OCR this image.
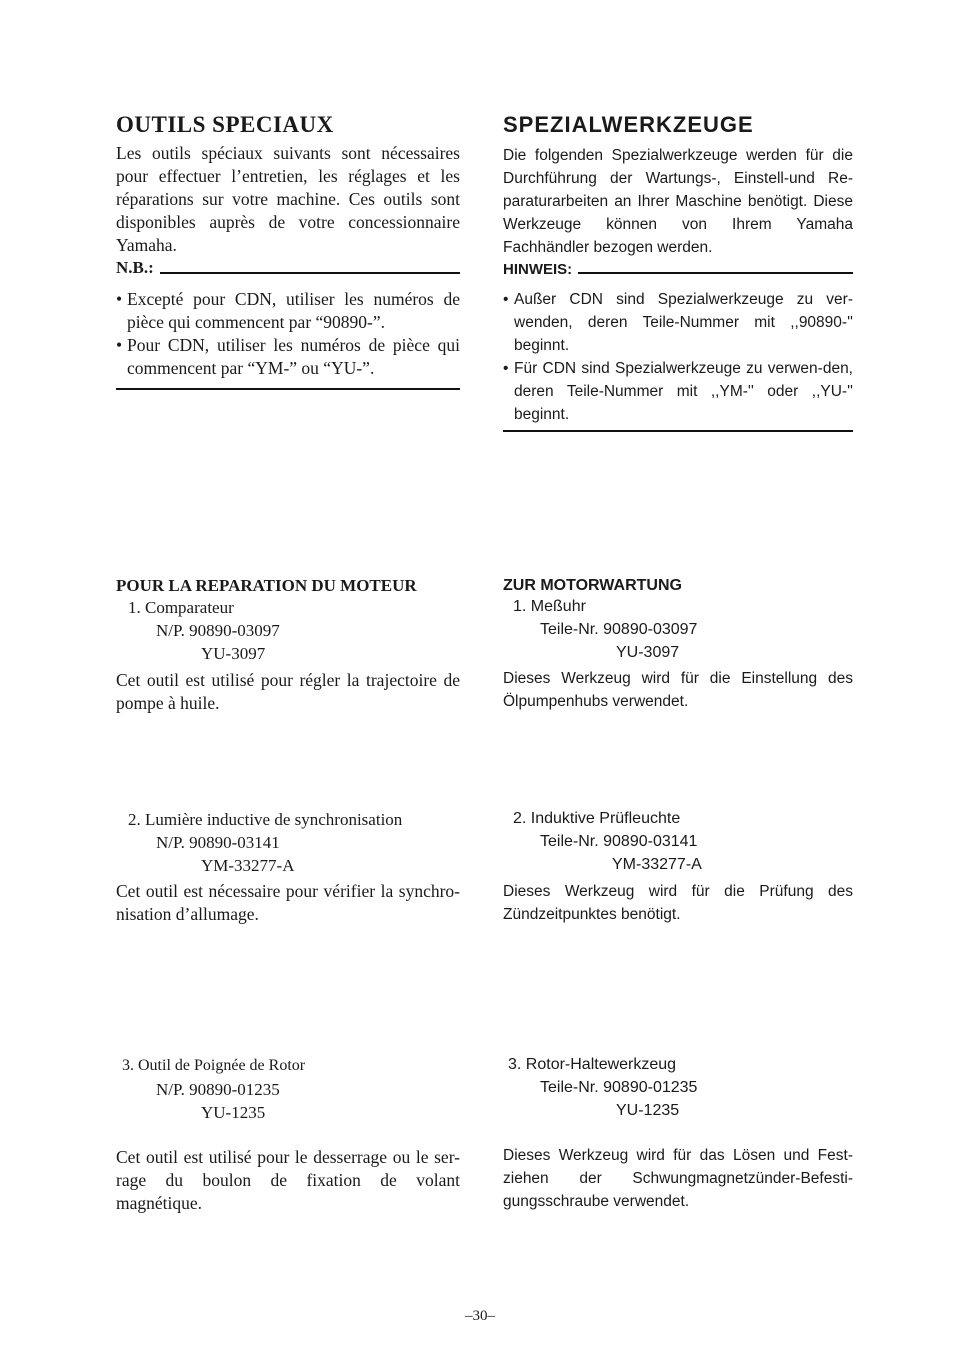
OUTILS SPECIAUX

Les outils spéciaux suivants sont nécessaires pour effectuer l’entretien, les réglages et les réparations sur votre machine. Ces outils sont disponibles auprès de votre concessionnaire Yamaha.

N.B.:

• Excepté pour CDN, utiliser les numéros de pièce qui commencent par “90890-”.

• Pour CDN, utiliser les numéros de pièce qui commencent par “YM-” ou “YU-”.

SPEZIALWERKZEUGE

Die folgenden Spezialwerkzeuge werden für die Durchführung der Wartungs-, Einstell-und Re-paraturarbeiten an Ihrer Maschine benötigt. Diese Werkzeuge können von Ihrem Yamaha Fachhändler bezogen werden.

HINWEIS:

• Außer CDN sind Spezialwerkzeuge zu ver-wenden, deren Teile-Nummer mit ,,90890-'' beginnt.

• Für CDN sind Spezialwerkzeuge zu verwen-den, deren Teile-Nummer mit ,,YM-'' oder ,,YU-'' beginnt.

POUR LA REPARATION DU MOTEUR
1. Comparateur
N/P. 90890-03097
YU-3097

Cet outil est utilisé pour régler la trajectoire de pompe à huile.

2. Lumière inductive de synchronisation
N/P. 90890-03141
YM-33277-A

Cet outil est nécessaire pour vérifier la synchro-nisation d’allumage.

3. Outil de Poignée de Rotor
N/P. 90890-01235
YU-1235

Cet outil est utilisé pour le desserrage ou le ser-rage du boulon de fixation de volant magnétique.

ZUR MOTORWARTUNG
1. Meßuhr
Teile-Nr. 90890-03097
YU-3097

Dieses Werkzeug wird für die Einstellung des Ölpumpenhubs verwendet.

2. Induktive Prüfleuchte
Teile-Nr. 90890-03141
YM-33277-A

Dieses Werkzeug wird für die Prüfung des Zündzeitpunktes benötigt.

3. Rotor-Haltewerkzeug
Teile-Nr. 90890-01235
YU-1235

Dieses Werkzeug wird für das Lösen und Fest-ziehen der Schwungmagnetzünder-Befesti-gungsschraube verwendet.

–30–
